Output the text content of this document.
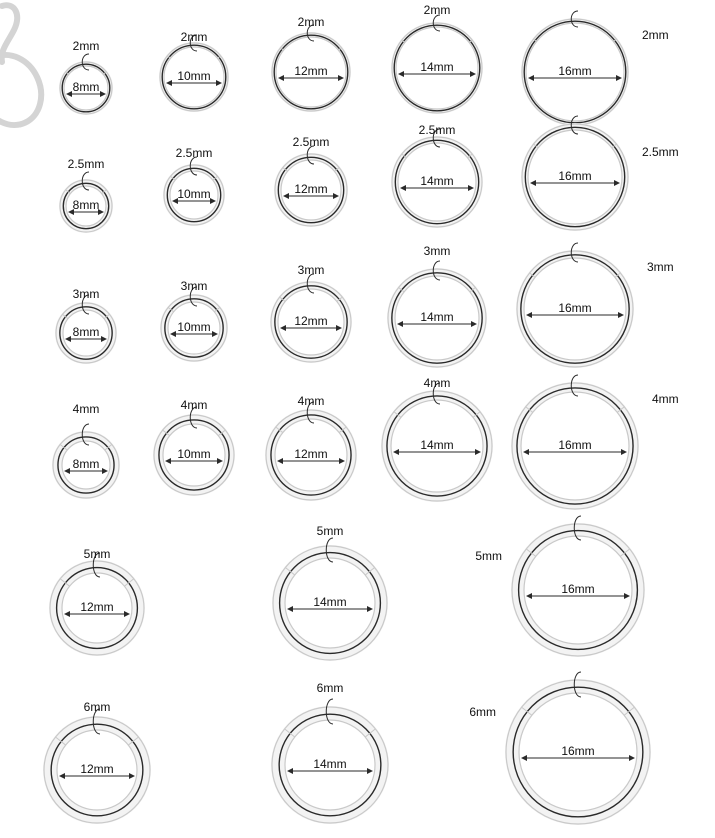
8mm
2mm
10mm
2mm
12mm
2mm
14mm
2mm
16mm
2mm
8mm
2.5mm
10mm
2.5mm
12mm
2.5mm
14mm
2.5mm
16mm
2.5mm
8mm
3mm
10mm
3mm
12mm
3mm
14mm
3mm
16mm
3mm
8mm
4mm
10mm
4mm
12mm
4mm
14mm
4mm
16mm
4mm
12mm
5mm
14mm
5mm
16mm
5mm
12mm
6mm
14mm
6mm
16mm
6mm
